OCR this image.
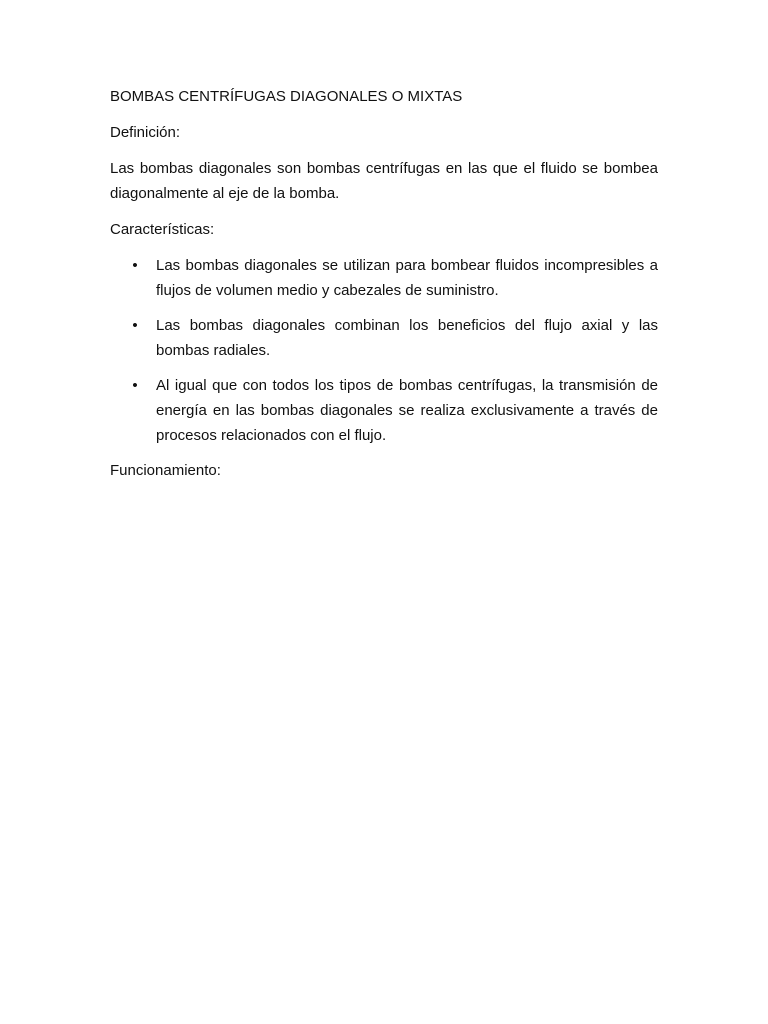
BOMBAS CENTRÍFUGAS DIAGONALES O MIXTAS

Definición:

Las bombas diagonales son bombas centrífugas en las que el fluido se bombea diagonalmente al eje de la bomba.

Características:

• Las bombas diagonales se utilizan para bombear fluidos incompresibles a flujos de volumen medio y cabezales de suministro.
• Las bombas diagonales combinan los beneficios del flujo axial y las bombas radiales.
• Al igual que con todos los tipos de bombas centrífugas, la transmisión de energía en las bombas diagonales se realiza exclusivamente a través de procesos relacionados con el flujo.

Funcionamiento:
